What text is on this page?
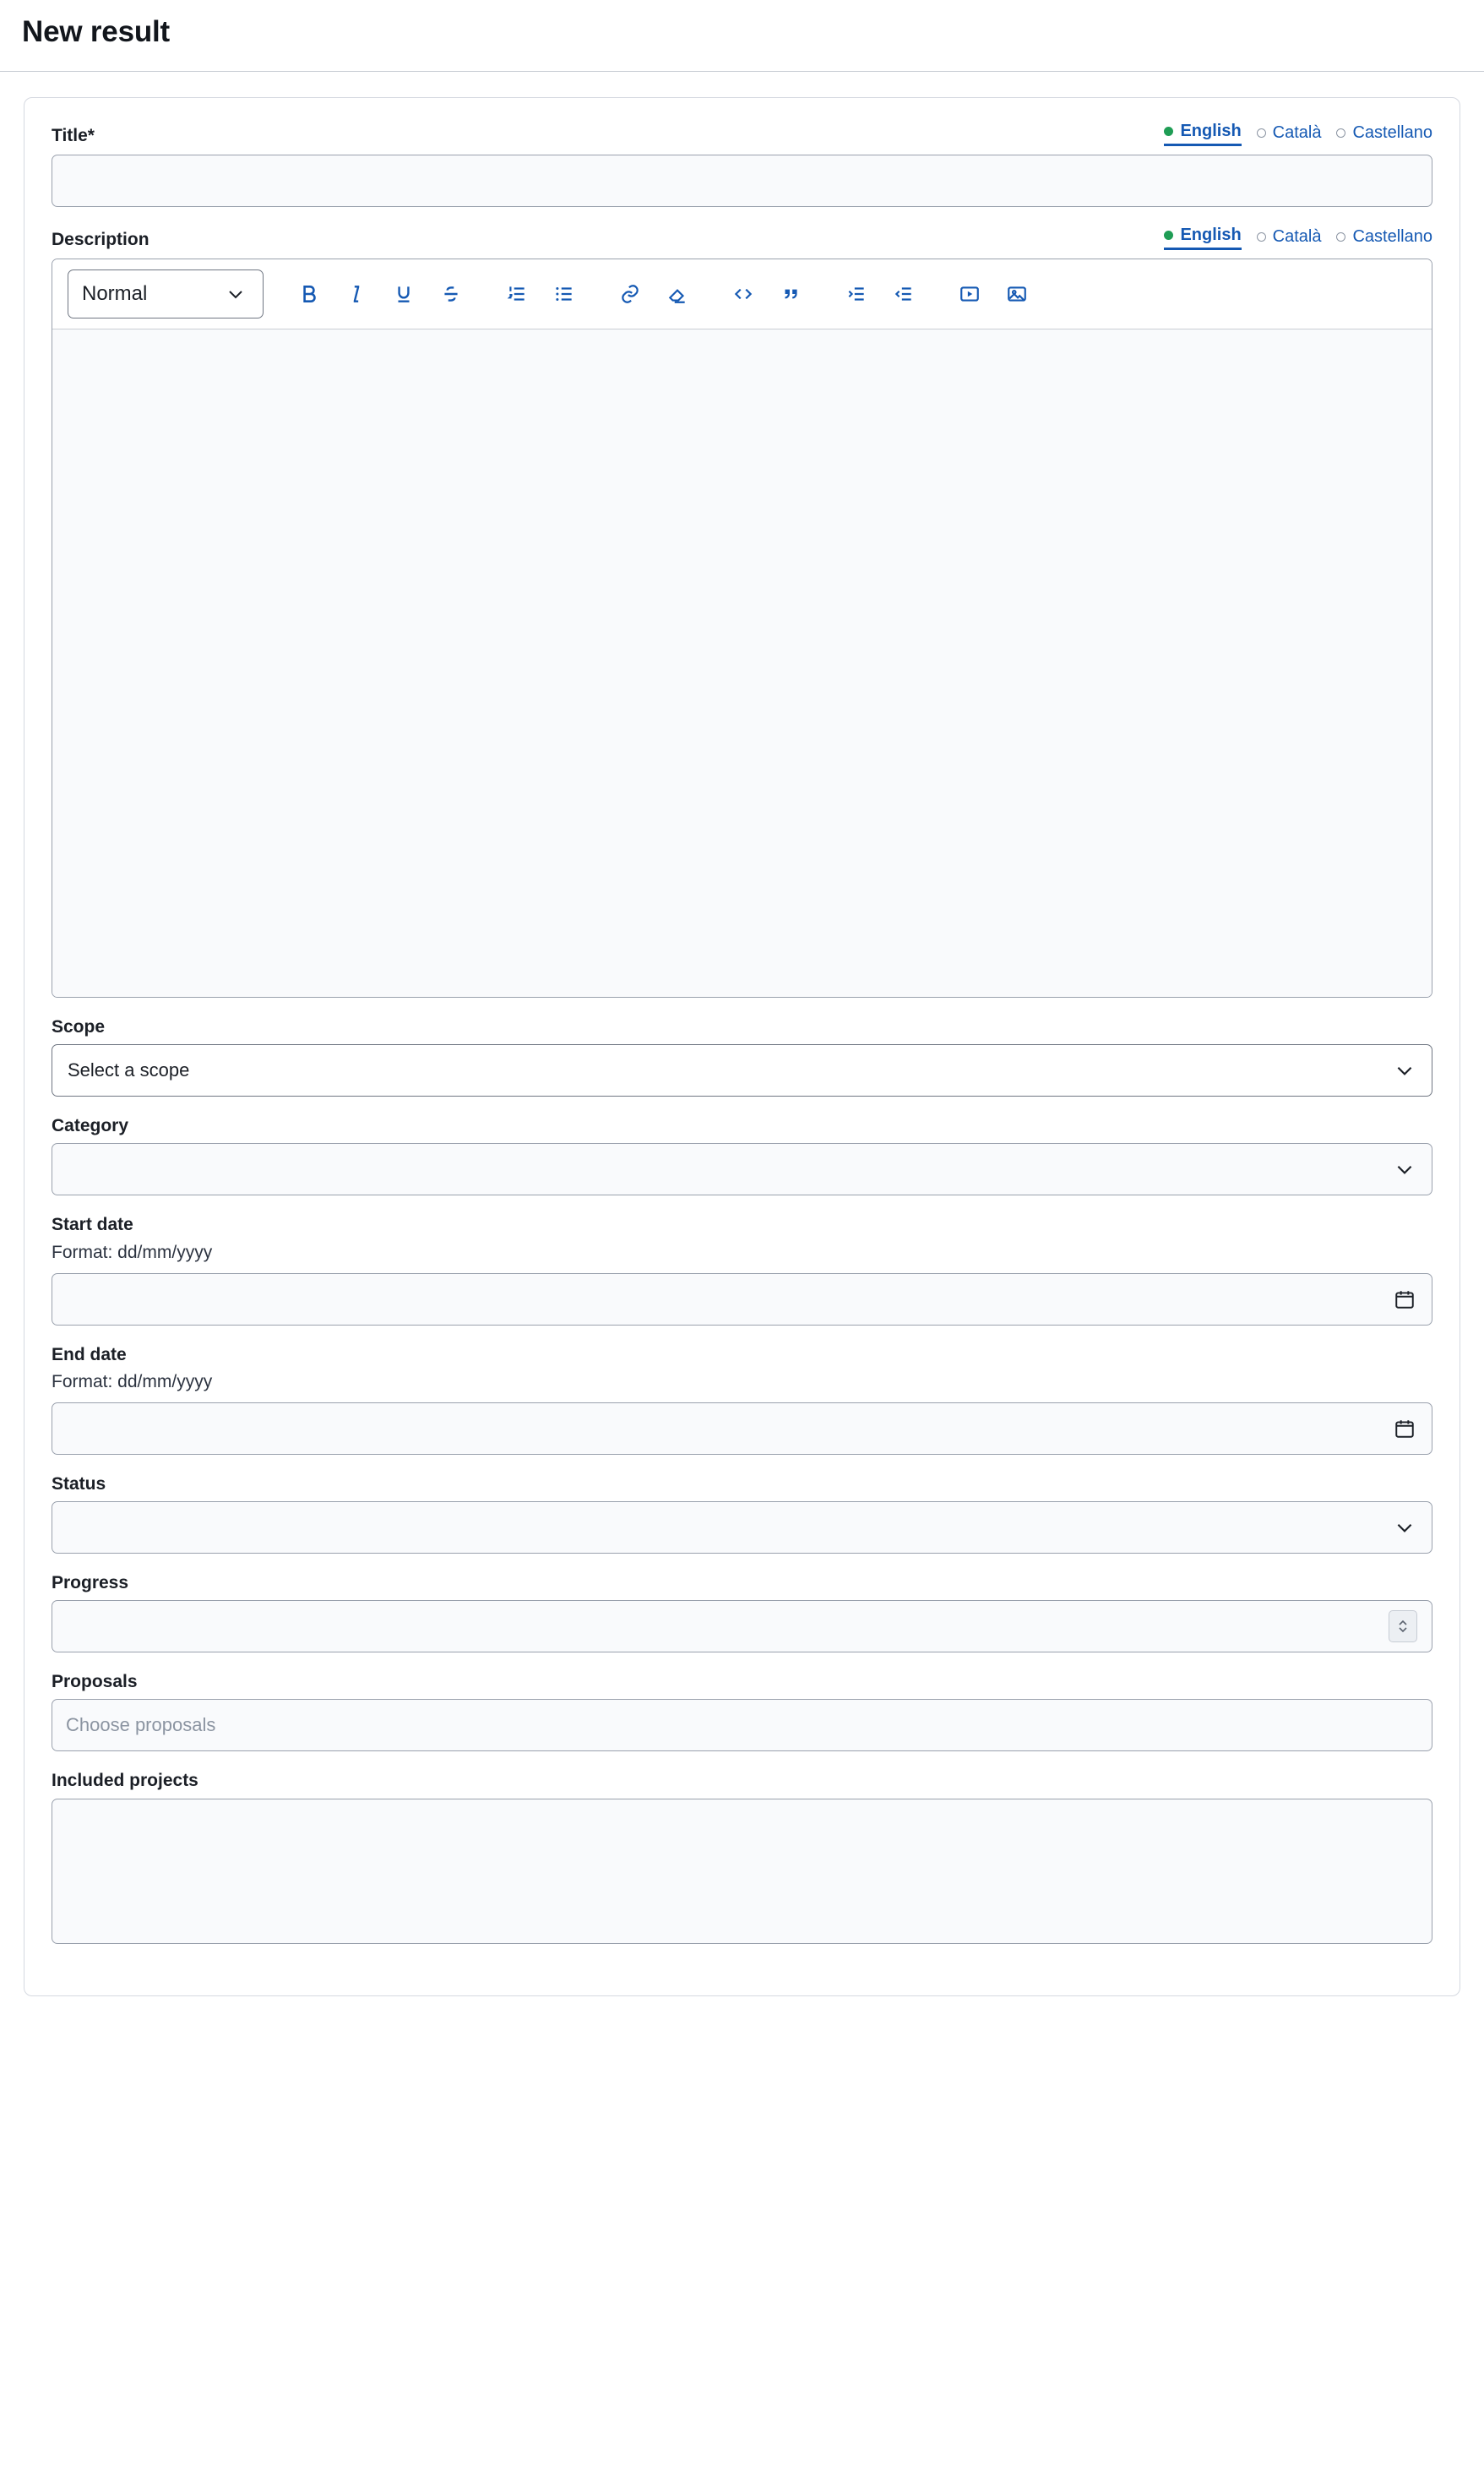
New result
Title*	English Català Castellano
Description	English Català Castellano
Normal
Scope
Select a scope
Category
Start date
Format: dd/mm/yyyy
End date
Format: dd/mm/yyyy
Status
Progress
Proposals
Choose proposals
Included projects
